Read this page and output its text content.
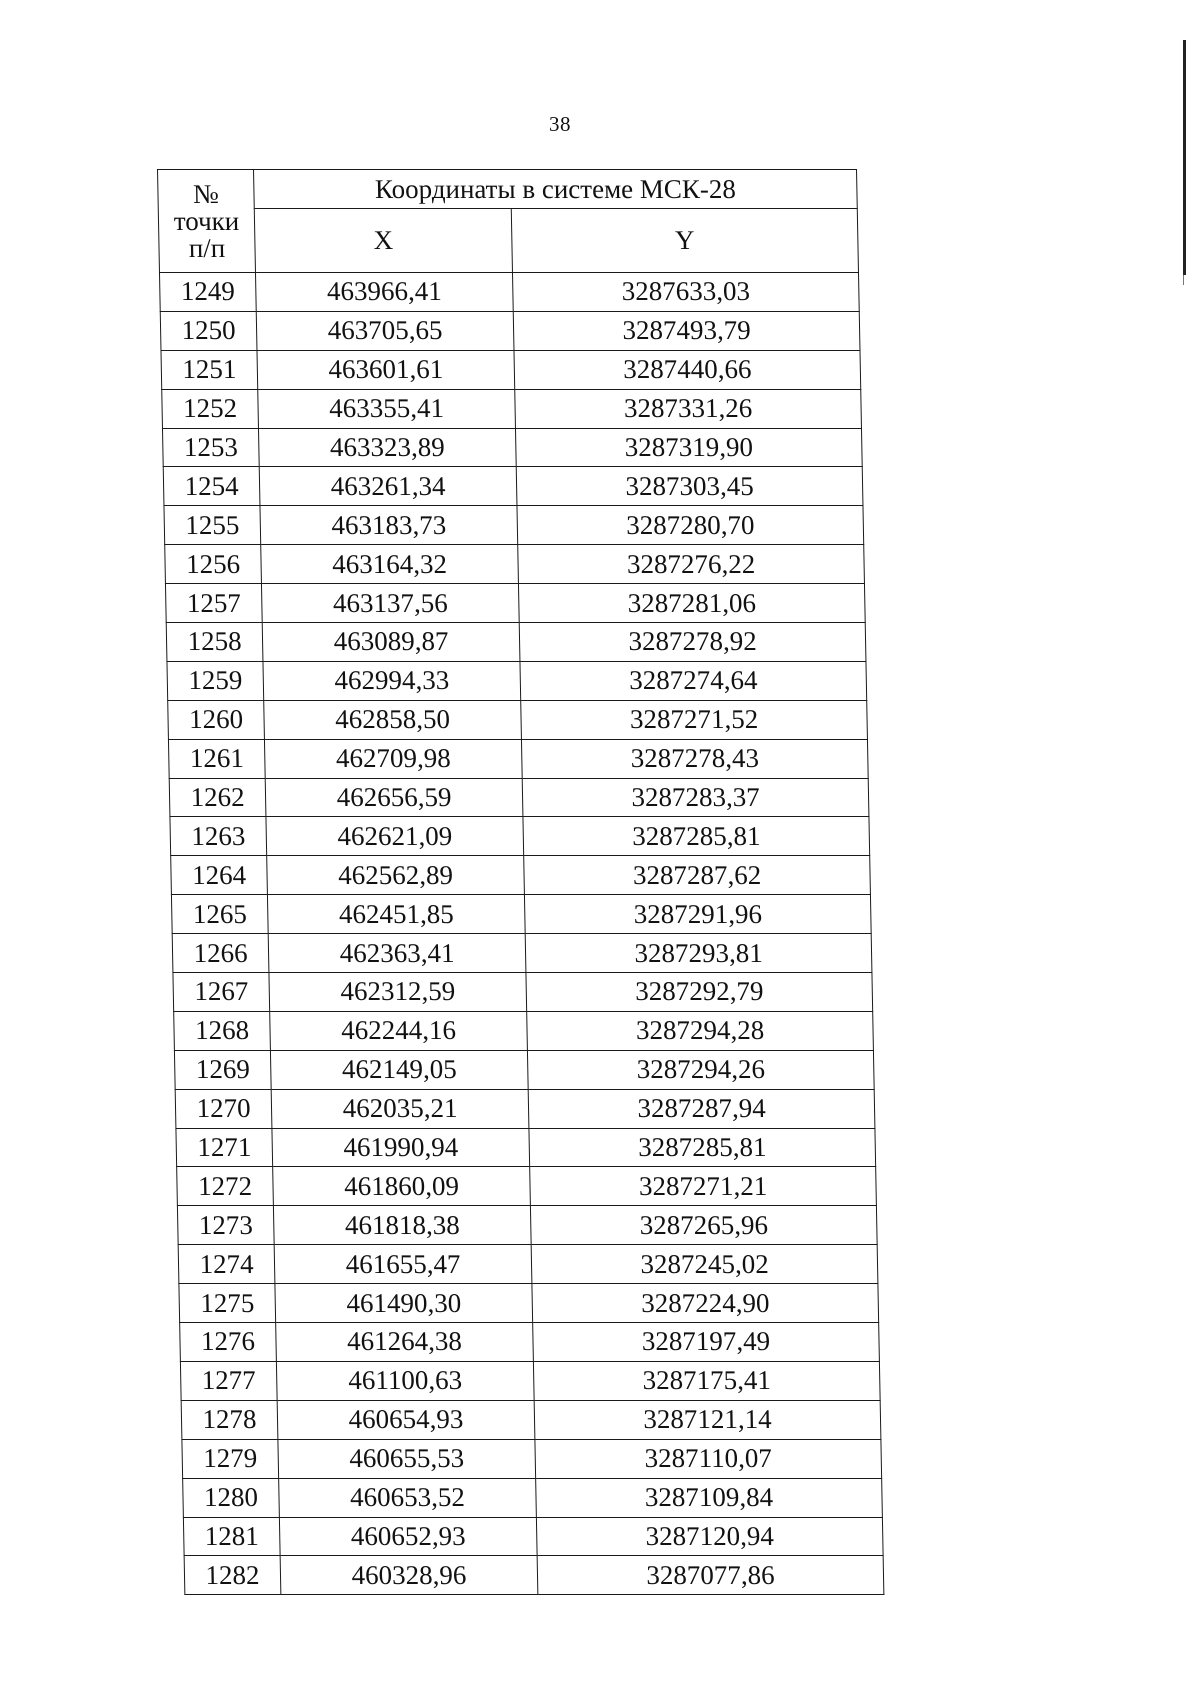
38
№
точки
п/п	Координаты в системе МСК-28	
	X	Y
1249	463966,41	3287633,03
1250	463705,65	3287493,79
1251	463601,61	3287440,66
1252	463355,41	3287331,26
1253	463323,89	3287319,90
1254	463261,34	3287303,45
1255	463183,73	3287280,70
1256	463164,32	3287276,22
1257	463137,56	3287281,06
1258	463089,87	3287278,92
1259	462994,33	3287274,64
1260	462858,50	3287271,52
1261	462709,98	3287278,43
1262	462656,59	3287283,37
1263	462621,09	3287285,81
1264	462562,89	3287287,62
1265	462451,85	3287291,96
1266	462363,41	3287293,81
1267	462312,59	3287292,79
1268	462244,16	3287294,28
1269	462149,05	3287294,26
1270	462035,21	3287287,94
1271	461990,94	3287285,81
1272	461860,09	3287271,21
1273	461818,38	3287265,96
1274	461655,47	3287245,02
1275	461490,30	3287224,90
1276	461264,38	3287197,49
1277	461100,63	3287175,41
1278	460654,93	3287121,14
1279	460655,53	3287110,07
1280	460653,52	3287109,84
1281	460652,93	3287120,94
1282	460328,96	3287077,86
